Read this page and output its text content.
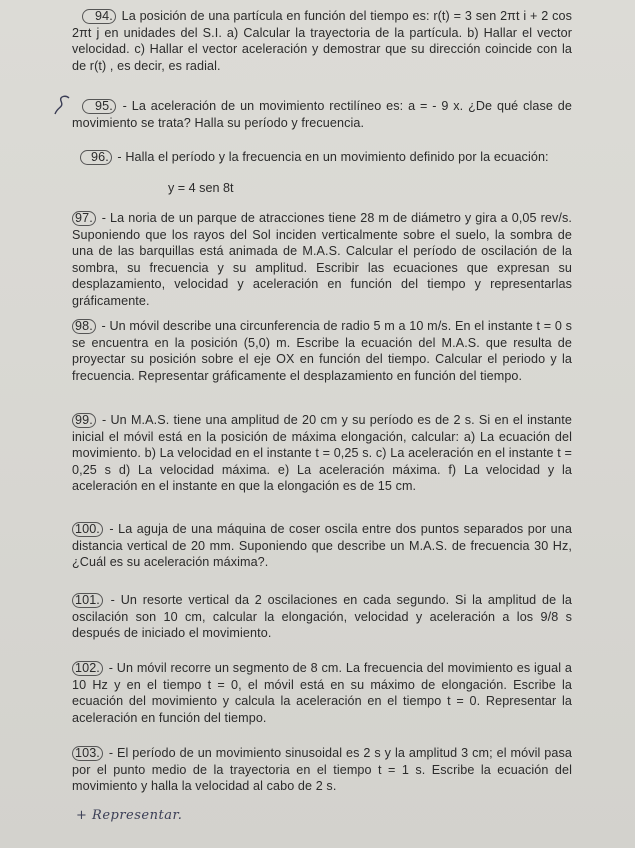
94. La posición de una partícula en función del tiempo es: r(t) = 3 sen 2πt i + 2 cos 2πt j en unidades del S.I. a) Calcular la trayectoria de la partícula. b) Hallar el vector velocidad. c) Hallar el vector aceleración y demostrar que su dirección coincide con la de r(t) , es decir, es radial.
95. - La aceleración de un movimiento rectilíneo es: a = - 9 x. ¿De qué clase de movimiento se trata? Halla su período y frecuencia.
96. - Halla el período y la frecuencia en un movimiento definido por la ecuación:
y = 4 sen 8t
97. - La noria de un parque de atracciones tiene 28 m de diámetro y gira a 0,05 rev/s. Suponiendo que los rayos del Sol inciden verticalmente sobre el suelo, la sombra de una de las barquillas está animada de M.A.S. Calcular el período de oscilación de la sombra, su frecuencia y su amplitud. Escribir las ecuaciones que expresan su desplazamiento, velocidad y aceleración en función del tiempo y representarlas gráficamente.
98. - Un móvil describe una circunferencia de radio 5 m a 10 m/s. En el instante t = 0 s se encuentra en la posición (5,0) m. Escribe la ecuación del M.A.S. que resulta de proyectar su posición sobre el eje OX en función del tiempo. Calcular el periodo y la frecuencia. Representar gráficamente el desplazamiento en función del tiempo.
99. - Un M.A.S. tiene una amplitud de 20 cm y su período es de 2 s. Si en el instante inicial el móvil está en la posición de máxima elongación, calcular: a) La ecuación del movimiento. b) La velocidad en el instante t = 0,25 s. c) La aceleración en el instante t = 0,25 s d) La velocidad máxima. e) La aceleración máxima. f) La velocidad y la aceleración en el instante en que la elongación es de 15 cm.
100. - La aguja de una máquina de coser oscila entre dos puntos separados por una distancia vertical de 20 mm. Suponiendo que describe un M.A.S. de frecuencia 30 Hz, ¿Cuál es su aceleración máxima?.
101. - Un resorte vertical da 2 oscilaciones en cada segundo. Si la amplitud de la oscilación son 10 cm, calcular la elongación, velocidad y aceleración a los 9/8 s después de iniciado el movimiento.
102. - Un móvil recorre un segmento de 8 cm. La frecuencia del movimiento es igual a 10 Hz y en el tiempo t = 0, el móvil está en su máximo de elongación. Escribe la ecuación del movimiento y calcula la aceleración en el tiempo t = 0. Representar la aceleración en función del tiempo.
103. - El período de un movimiento sinusoidal es 2 s y la amplitud 3 cm; el móvil pasa por el punto medio de la trayectoria en el tiempo t = 1 s. Escribe la ecuación del movimiento y halla la velocidad al cabo de 2 s.
+ Representar.
